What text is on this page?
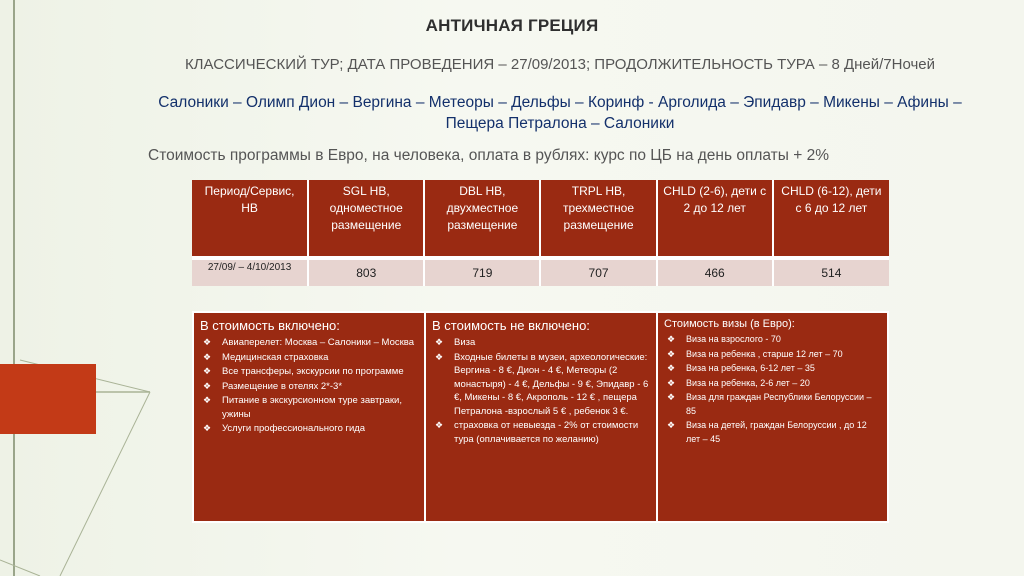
АНТИЧНАЯ ГРЕЦИЯ
КЛАССИЧЕСКИЙ ТУР; ДАТА ПРОВЕДЕНИЯ – 27/09/2013; ПРОДОЛЖИТЕЛЬНОСТЬ ТУРА – 8 Дней/7Ночей
Салоники – Олимп Дион – Вергина – Метеоры – Дельфы – Коринф - Арголида – Эпидавр – Микены – Афины – Пещера Петралона – Салоники
Стоимость программы в Евро, на человека, оплата в рублях: курс по ЦБ на день оплаты + 2%
Период/Сервис, НВ	SGL HB, одноместное размещение	DBL HB, двухместное размещение	TRPL HB, трехместное размещение	CHLD (2-6), дети с 2 до 12 лет	CHLD (6-12), дети с 6 до 12 лет
27/09/ – 4/10/2013	803	719	707	466	514
В стоимость включено:
❖ Авиаперелет: Москва – Салоники – Москва
❖ Медицинская страховка
❖ Все трансферы, экскурсии по программе
❖ Размещение в отелях 2*-3*
❖ Питание в экскурсионном туре завтраки, ужины
❖ Услуги профессионального гида
В стоимость не включено:
❖ Виза
❖ Входные билеты в музеи, археологические: Вергина - 8 €, Дион - 4 €, Метеоры (2 монастыря) - 4 €, Дельфы - 9 €, Эпидавр - 6 €, Микены - 8 €, Акрополь - 12 € , пещера Петралона -взрослый 5 € , ребенок 3 €.
❖ страховка от невыезда - 2% от стоимости тура (оплачивается по желанию)
Стоимость визы (в Евро):
❖ Виза на взрослого - 70
❖ Виза на ребенка , старше 12 лет – 70
❖ Виза на ребенка, 6-12 лет – 35
❖ Виза на ребенка, 2-6 лет – 20
❖ Виза для граждан Республики Белоруссии – 85
❖ Виза на детей, граждан Белоруссии , до 12 лет – 45
